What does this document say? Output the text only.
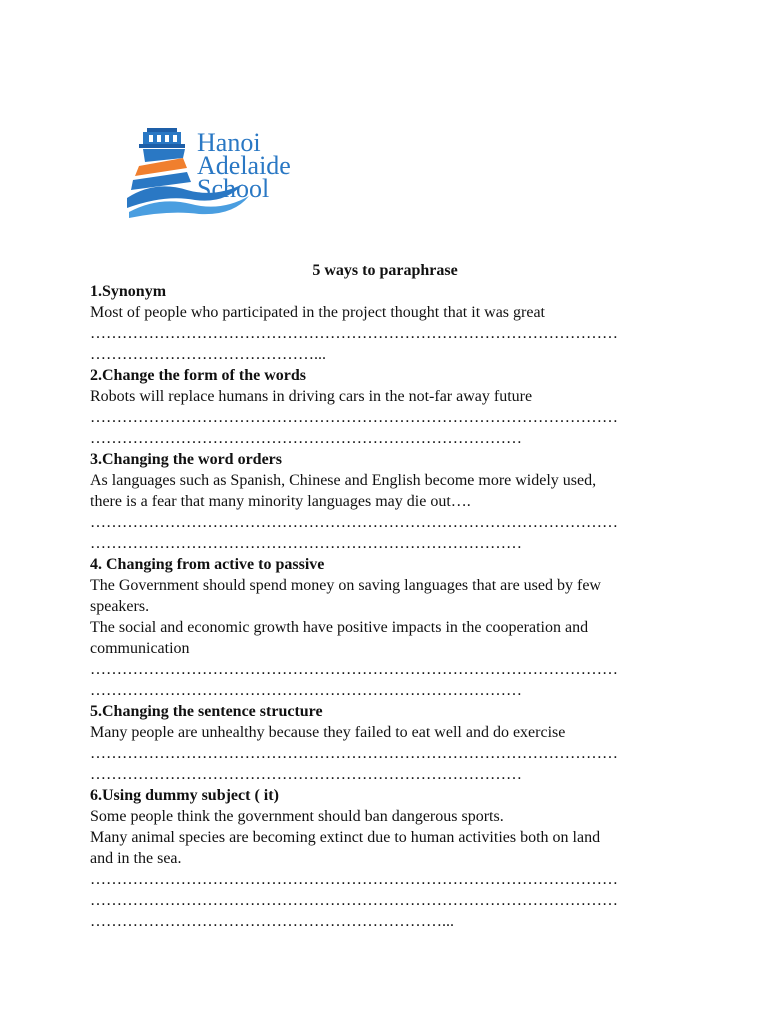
Hanoi
Adelaide
School

5 ways to paraphrase

1.Synonym

Most of people who participated in the project thought that it was great

………………………………………………………………………………………

……………………………………...

2.Change the form of the words

Robots will replace humans in driving cars in the not-far away future

………………………………………………………………………………………

………………………………………………………………………

3.Changing the word orders

As languages such as Spanish, Chinese and English become more widely used,

there is a fear that many minority languages may die out….

………………………………………………………………………………………

………………………………………………………………………

4. Changing from active to passive

The Government should spend money on saving languages that are used by few

speakers.

The social and economic growth have positive impacts in the cooperation and

communication

………………………………………………………………………………………

………………………………………………………………………

5.Changing the sentence structure

Many people are unhealthy because they failed to eat well and do exercise

………………………………………………………………………………………

………………………………………………………………………

6.Using dummy subject ( it)

Some people think the government should ban dangerous sports.

Many animal species are becoming extinct due to human activities both on land

and in the sea.

………………………………………………………………………………………

………………………………………………………………………………………

…………………………………………………………...
